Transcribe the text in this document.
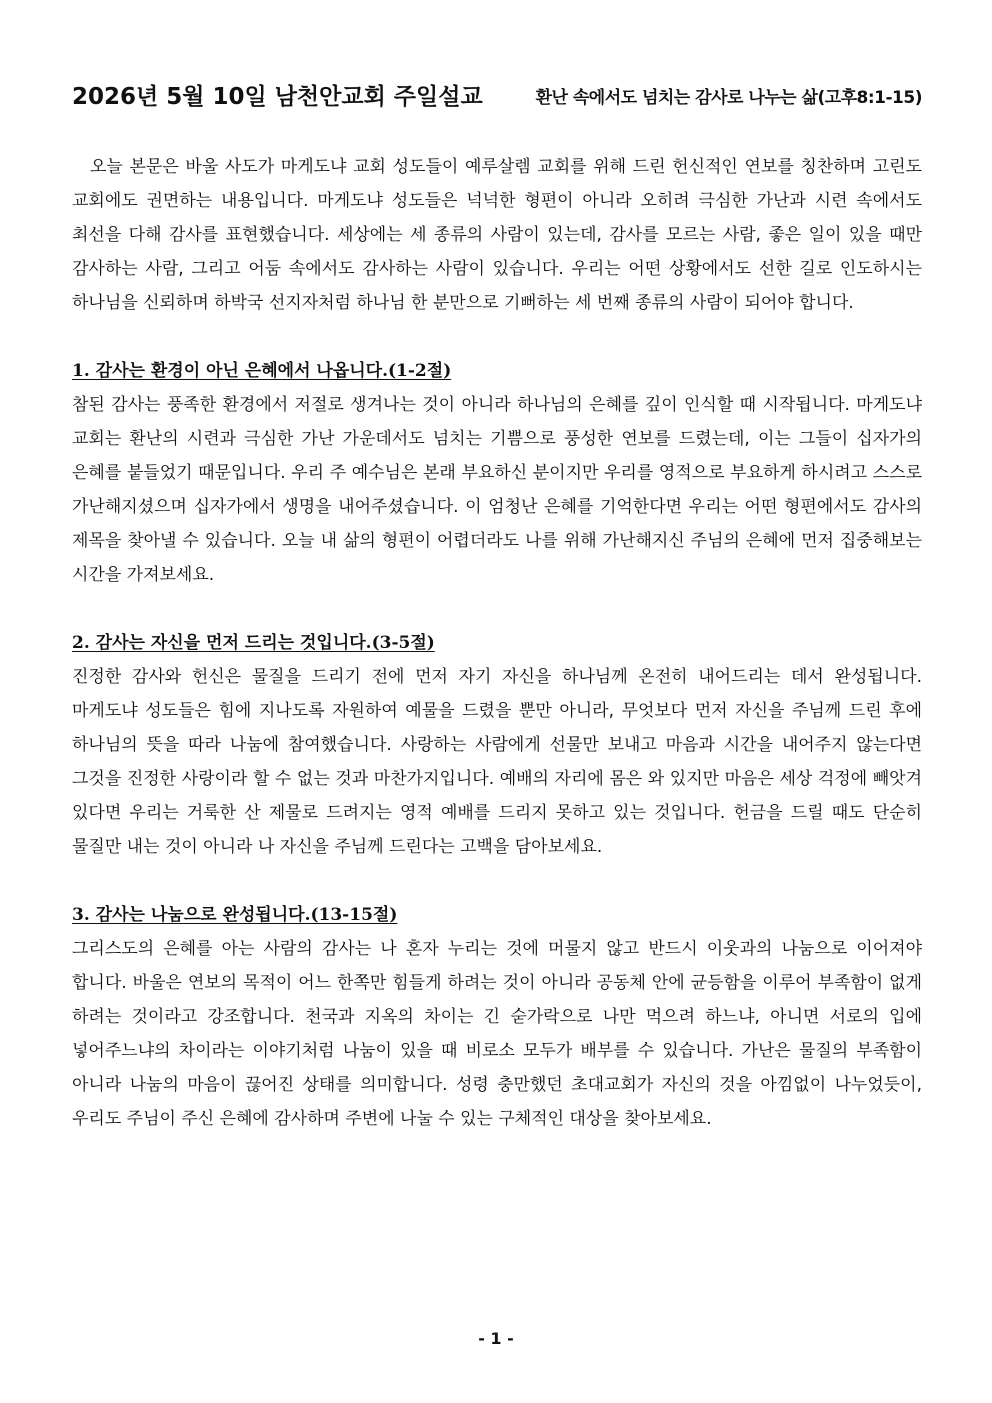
2026년 5월 10일 남천안교회 주일설교	환난 속에서도 넘치는 감사로 나누는 삶(고후8:1-15)

오늘 본문은 바울 사도가 마게도냐 교회 성도들이 예루살렘 교회를 위해 드린 헌신적인 연보를 칭찬하며 고린도 교회에도 권면하는 내용입니다. 마게도냐 성도들은 넉넉한 형편이 아니라 오히려 극심한 가난과 시련 속에서도 최선을 다해 감사를 표현했습니다. 세상에는 세 종류의 사람이 있는데, 감사를 모르는 사람, 좋은 일이 있을 때만 감사하는 사람, 그리고 어둠 속에서도 감사하는 사람이 있습니다. 우리는 어떤 상황에서도 선한 길로 인도하시는 하나님을 신뢰하며 하박국 선지자처럼 하나님 한 분만으로 기뻐하는 세 번째 종류의 사람이 되어야 합니다.

1. 감사는 환경이 아닌 은혜에서 나옵니다.(1-2절)

참된 감사는 풍족한 환경에서 저절로 생겨나는 것이 아니라 하나님의 은혜를 깊이 인식할 때 시작됩니다. 마게도냐 교회는 환난의 시련과 극심한 가난 가운데서도 넘치는 기쁨으로 풍성한 연보를 드렸는데, 이는 그들이 십자가의 은혜를 붙들었기 때문입니다. 우리 주 예수님은 본래 부요하신 분이지만 우리를 영적으로 부요하게 하시려고 스스로 가난해지셨으며 십자가에서 생명을 내어주셨습니다. 이 엄청난 은혜를 기억한다면 우리는 어떤 형편에서도 감사의 제목을 찾아낼 수 있습니다. 오늘 내 삶의 형편이 어렵더라도 나를 위해 가난해지신 주님의 은혜에 먼저 집중해보는 시간을 가져보세요.

2. 감사는 자신을 먼저 드리는 것입니다.(3-5절)

진정한 감사와 헌신은 물질을 드리기 전에 먼저 자기 자신을 하나님께 온전히 내어드리는 데서 완성됩니다. 마게도냐 성도들은 힘에 지나도록 자원하여 예물을 드렸을 뿐만 아니라, 무엇보다 먼저 자신을 주님께 드린 후에 하나님의 뜻을 따라 나눔에 참여했습니다. 사랑하는 사람에게 선물만 보내고 마음과 시간을 내어주지 않는다면 그것을 진정한 사랑이라 할 수 없는 것과 마찬가지입니다. 예배의 자리에 몸은 와 있지만 마음은 세상 걱정에 빼앗겨 있다면 우리는 거룩한 산 제물로 드려지는 영적 예배를 드리지 못하고 있는 것입니다. 헌금을 드릴 때도 단순히 물질만 내는 것이 아니라 나 자신을 주님께 드린다는 고백을 담아보세요.

3. 감사는 나눔으로 완성됩니다.(13-15절)

그리스도의 은혜를 아는 사람의 감사는 나 혼자 누리는 것에 머물지 않고 반드시 이웃과의 나눔으로 이어져야 합니다. 바울은 연보의 목적이 어느 한쪽만 힘들게 하려는 것이 아니라 공동체 안에 균등함을 이루어 부족함이 없게 하려는 것이라고 강조합니다. 천국과 지옥의 차이는 긴 숟가락으로 나만 먹으려 하느냐, 아니면 서로의 입에 넣어주느냐의 차이라는 이야기처럼 나눔이 있을 때 비로소 모두가 배부를 수 있습니다. 가난은 물질의 부족함이 아니라 나눔의 마음이 끊어진 상태를 의미합니다. 성령 충만했던 초대교회가 자신의 것을 아낌없이 나누었듯이, 우리도 주님이 주신 은혜에 감사하며 주변에 나눌 수 있는 구체적인 대상을 찾아보세요.

- 1 -
